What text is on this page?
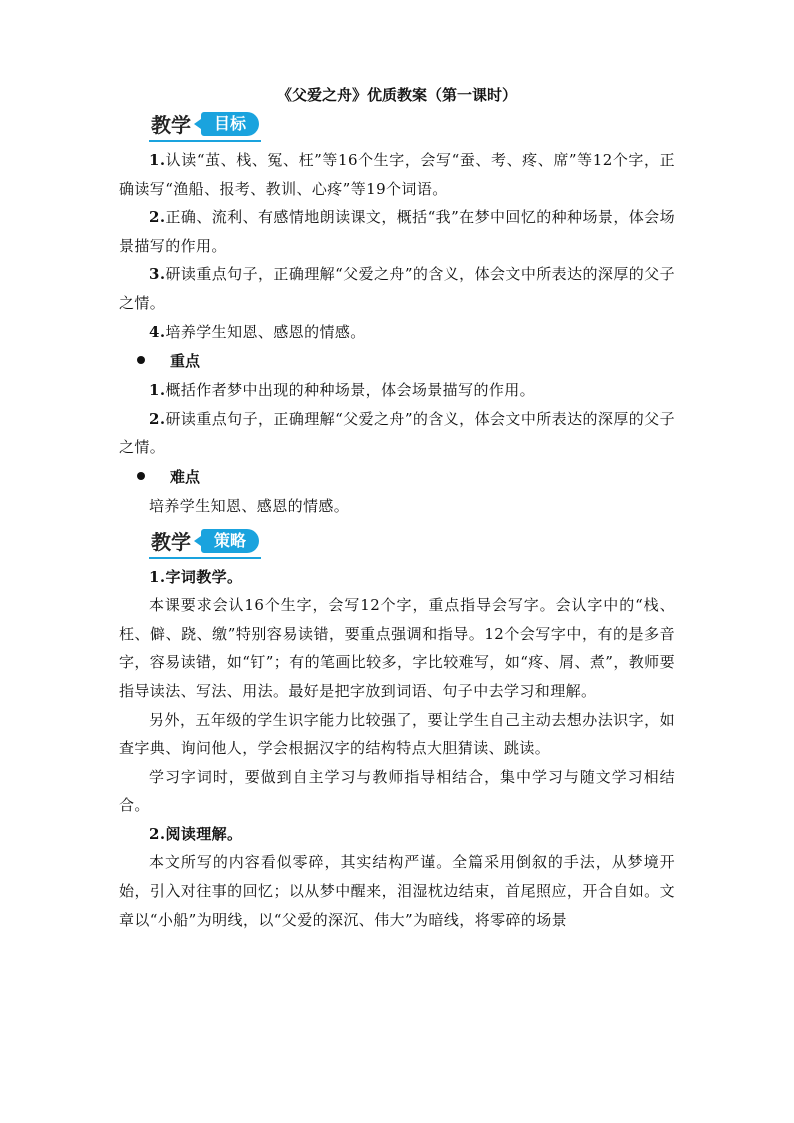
《父爱之舟》优质教案（第一课时）
教学	目标

1.认读“茧、栈、冤、枉”等16个生字，会写“蚕、考、疼、席”等12个字，正确读写“渔船、报考、教训、心疼”等19个词语。

2.正确、流利、有感情地朗读课文，概括“我”在梦中回忆的种种场景，体会场景描写的作用。

3.研读重点句子，正确理解“父爱之舟”的含义，体会文中所表达的深厚的父子之情。

4.培养学生知恩、感恩的情感。

重点

1.概括作者梦中出现的种种场景，体会场景描写的作用。

2.研读重点句子，正确理解“父爱之舟”的含义，体会文中所表达的深厚的父子之情。

难点

培养学生知恩、感恩的情感。

教学	策略

1.字词教学。

本课要求会认16个生字，会写12个字，重点指导会写字。会认字中的“栈、枉、僻、跷、缴”特别容易读错，要重点强调和指导。12个会写字中，有的是多音字，容易读错，如“钉”；有的笔画比较多，字比较难写，如“疼、屑、煮”，教师要指导读法、写法、用法。最好是把字放到词语、句子中去学习和理解。

另外，五年级的学生识字能力比较强了，要让学生自己主动去想办法识字，如查字典、询问他人，学会根据汉字的结构特点大胆猜读、跳读。

学习字词时，要做到自主学习与教师指导相结合，集中学习与随文学习相结合。

2.阅读理解。

本文所写的内容看似零碎，其实结构严谨。全篇采用倒叙的手法，从梦境开始，引入对往事的回忆；以从梦中醒来，泪湿枕边结束，首尾照应，开合自如。文章以“小船”为明线，以“父爱的深沉、伟大”为暗线，将零碎的场景
